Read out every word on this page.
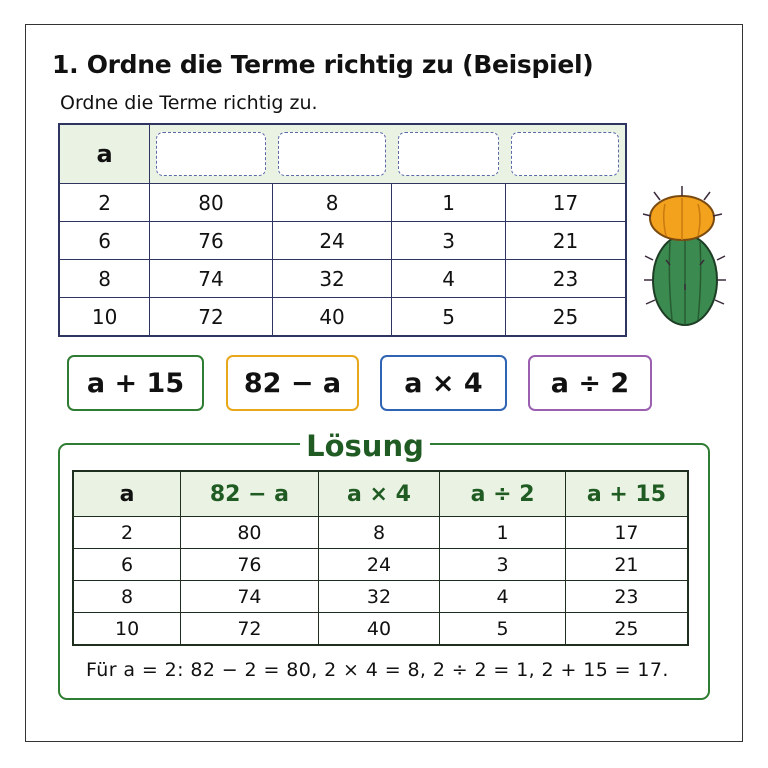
1. Ordne die Terme richtig zu (Beispiel)

Ordne die Terme richtig zu.

a	

2	80	8	1	17
6	76	24	3	21
8	74	32	4	23
10	72	40	5	25
a + 15	82 − a	a × 4	a ÷ 2
Lösung
a	82 − a	a × 4	a ÷ 2	a + 15
2	80	8	1	17
6	76	24	3	21
8	74	32	4	23
10	72	40	5	25

Für a = 2: 82 − 2 = 80, 2 × 4 = 8, 2 ÷ 2 = 1, 2 + 15 = 17.
